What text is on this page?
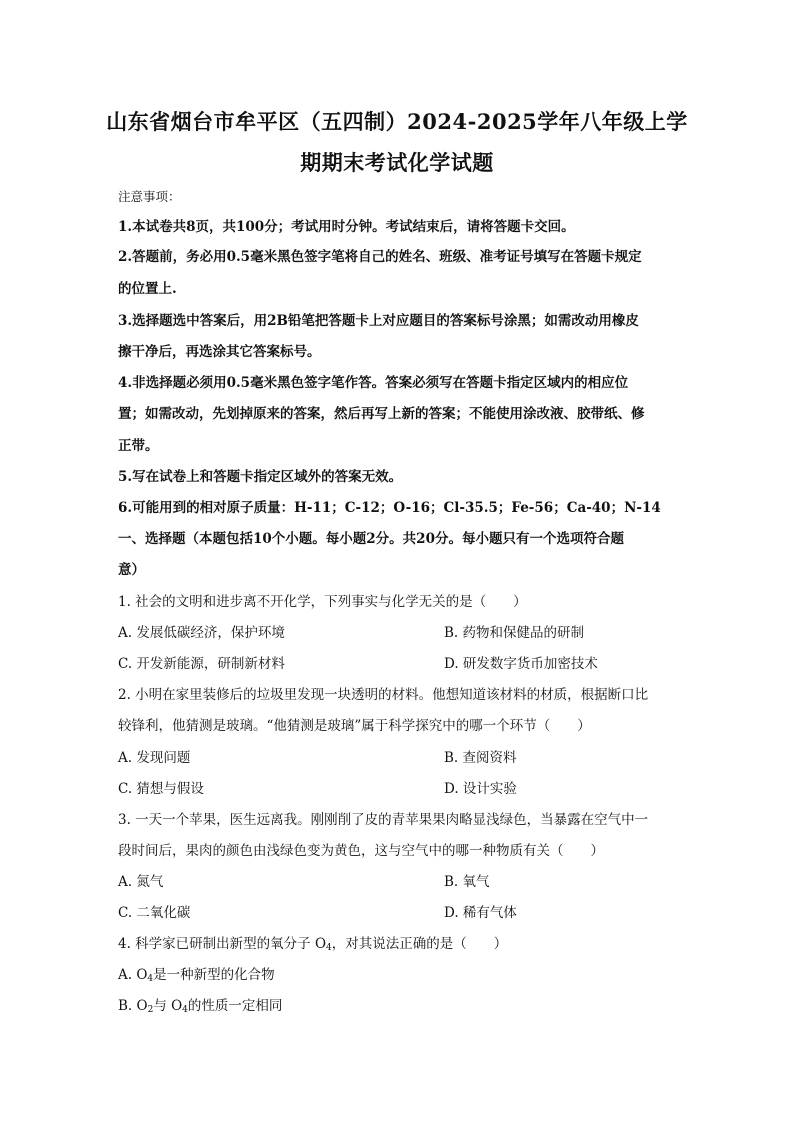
山东省烟台市牟平区（五四制）2024-2025学年八年级上学
期期末考试化学试题
注意事项：
1.本试卷共8页，共100分；考试用时分钟。考试结束后，请将答题卡交回。
2.答题前，务必用0.5毫米黑色签字笔将自己的姓名、班级、准考证号填写在答题卡规定
的位置上.
3.选择题选中答案后，用2B铅笔把答题卡上对应题目的答案标号涂黑；如需改动用橡皮
擦干净后，再选涂其它答案标号。
4.非选择题必须用0.5毫米黑色签字笔作答。答案必须写在答题卡指定区域内的相应位
置；如需改动，先划掉原来的答案，然后再写上新的答案；不能使用涂改液、胶带纸、修
正带。
5.写在试卷上和答题卡指定区域外的答案无效。
6.可能用到的相对原子质量：H-11；C-12；O-16；Cl-35.5；Fe-56；Ca-40；N-14
一、选择题（本题包括10个小题。每小题2分。共20分。每小题只有一个选项符合题
意）
1. 社会的文明和进步离不开化学，下列事实与化学无关的是（　　）
A. 发展低碳经济，保护环境	B. 药物和保健品的研制
C. 开发新能源，研制新材料	D. 研发数字货币加密技术
2. 小明在家里装修后的垃圾里发现一块透明的材料。他想知道该材料的材质，根据断口比
较锋利，他猜测是玻璃。“他猜测是玻璃”属于科学探究中的哪一个环节（　　）
A. 发现问题	B. 查阅资料
C. 猜想与假设	D. 设计实验
3. 一天一个苹果，医生远离我。刚刚削了皮的青苹果果肉略显浅绿色，当暴露在空气中一
段时间后，果肉的颜色由浅绿色变为黄色，这与空气中的哪一种物质有关（　　）
A. 氮气	B. 氧气
C. 二氧化碳	D. 稀有气体
4. 科学家已研制出新型的氧分子 $O_4$，对其说法正确的是（　　）
A. $O_4$是一种新型的化合物
B. $O_2$与 $O_4$的性质一定相同
